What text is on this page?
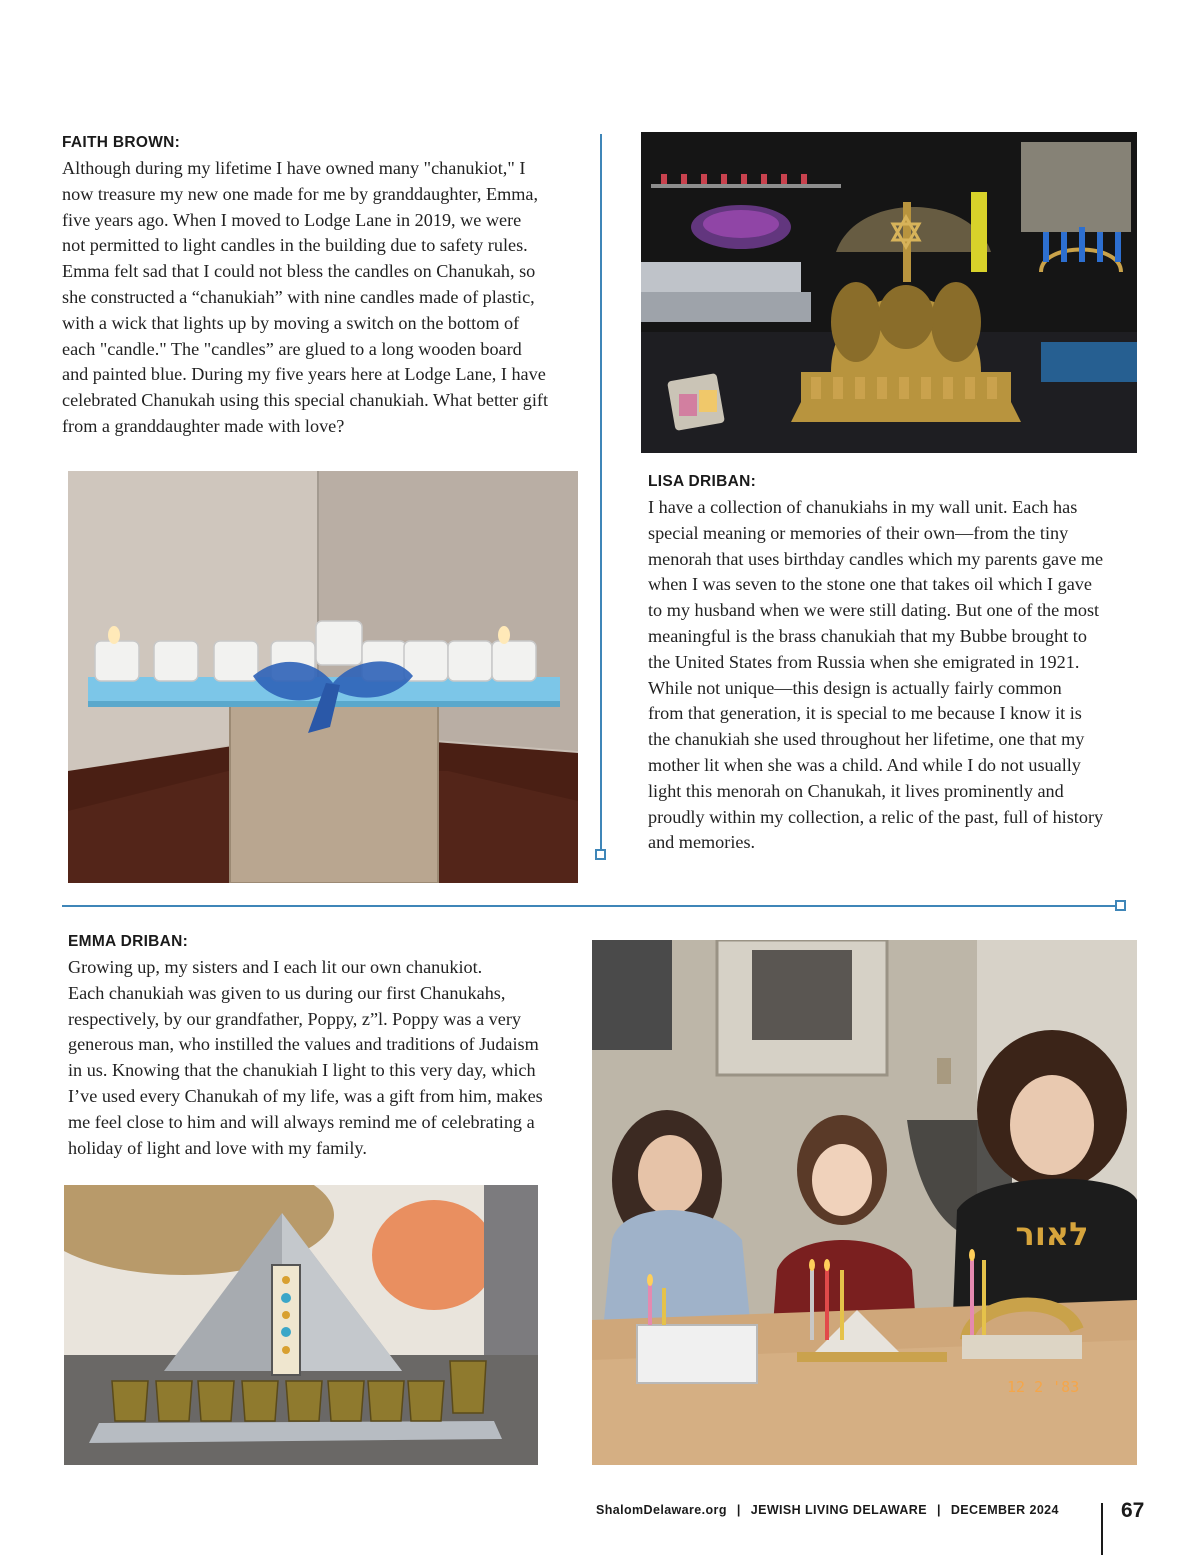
FAITH BROWN:
Although during my lifetime I have owned many "chanukiot," I
now treasure my new one made for me by granddaughter, Emma,
five years ago. When I moved to Lodge Lane in 2019, we were
not permitted to light candles in the building due to safety rules.
Emma felt sad that I could not bless the candles on Chanukah, so
she constructed a “chanukiah” with nine candles made of plastic,
with a wick that lights up by moving a switch on the bottom of
each "candle." The "candles” are glued to a long wooden board
and painted blue. During my five years here at Lodge Lane, I have
celebrated Chanukah using this special chanukiah. What better gift
from a granddaughter made with love?
LISA DRIBAN:
I have a collection of chanukiahs in my wall unit. Each has
special meaning or memories of their own—from the tiny
menorah that uses birthday candles which my parents gave me
when I was seven to the stone one that takes oil which I gave
to my husband when we were still dating. But one of the most
meaningful is the brass chanukiah that my Bubbe brought to
the United States from Russia when she emigrated in 1921.
While not unique—this design is actually fairly common
from that generation, it is special to me because I know it is
the chanukiah she used throughout her lifetime, one that my
mother lit when she was a child. And while I do not usually
light this menorah on Chanukah, it lives prominently and
proudly within my collection, a relic of the past, full of history
and memories.
EMMA DRIBAN:
Growing up, my sisters and I each lit our own chanukiot.
Each chanukiah was given to us during our first Chanukahs,
respectively, by our grandfather, Poppy, z”l. Poppy was a very
generous man, who instilled the values and traditions of Judaism
in us. Knowing that the chanukiah I light to this very day, which
I’ve used every Chanukah of my life, was a gift from him, makes
me feel close to him and will always remind me of celebrating a
holiday of light and love with my family.
לאור
12 2 '83
ShalomDelaware.org | JEWISH LIVING DELAWARE | DECEMBER 2024	67
